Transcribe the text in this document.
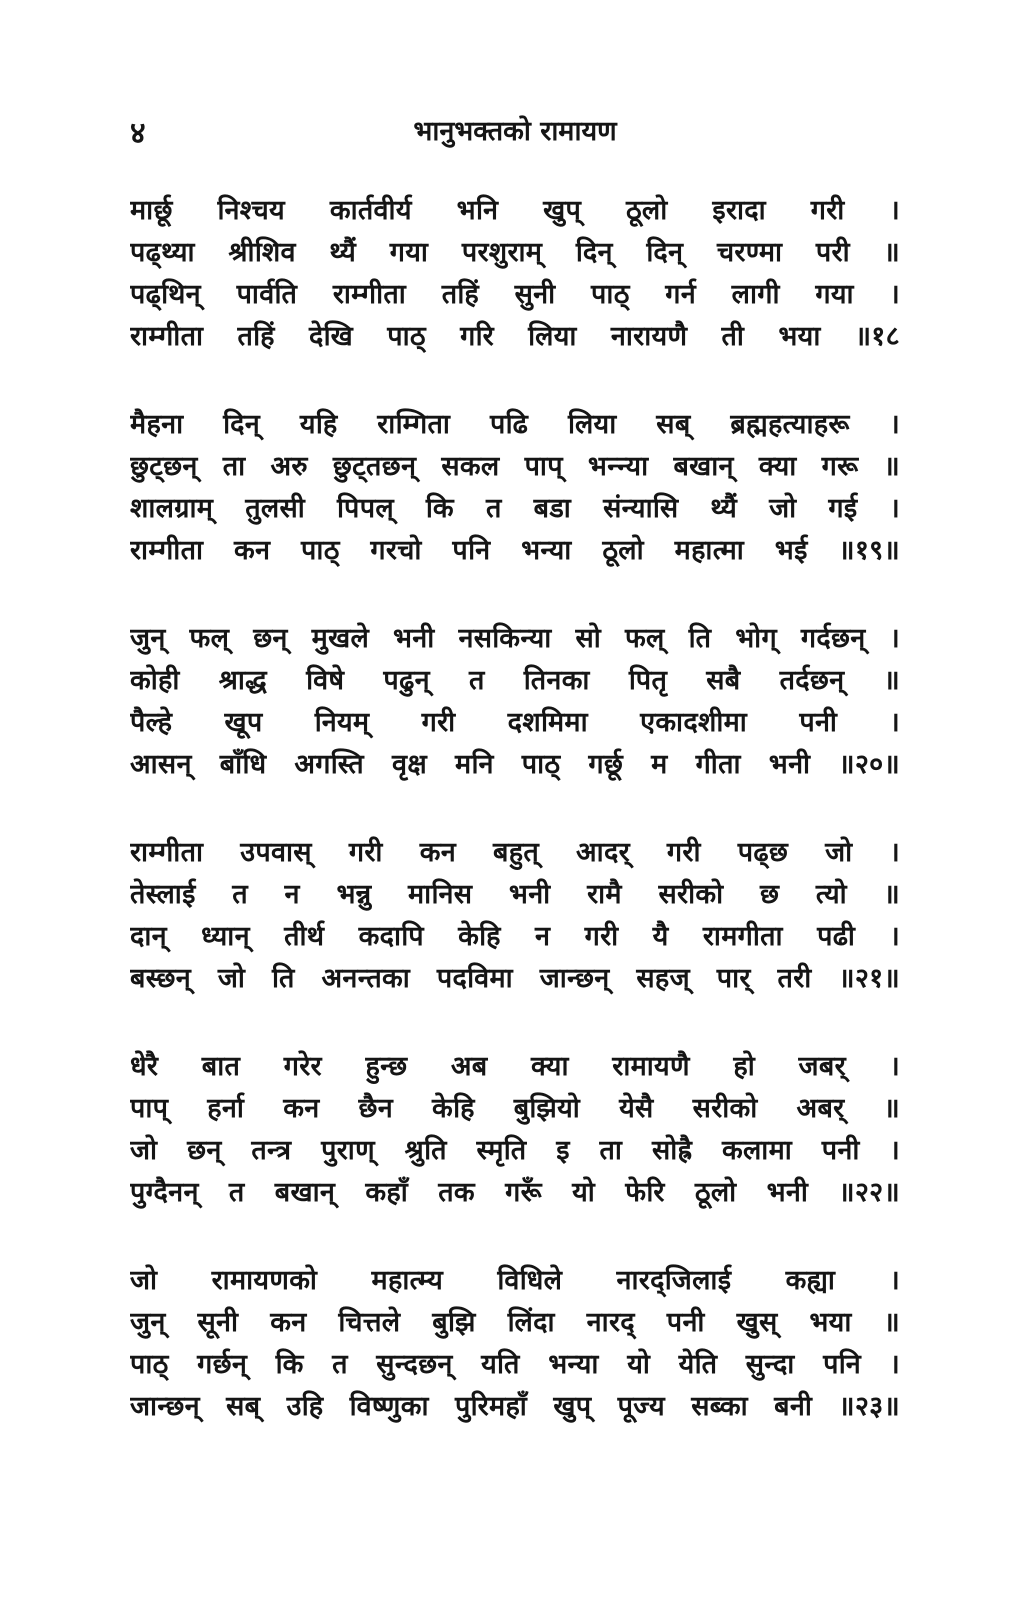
४	भानुभक्तको रामायण
मार्छू निश्चय कार्तवीर्य भनि खुप् ठूलो इरादा गरी ।
पढ्थ्या श्रीशिव थ्यैं गया परशुराम् दिन् दिन् चरण्मा परी ॥
पढ्थिन् पार्वति राम्गीता तहिं सुनी पाठ् गर्न लागी गया ।
राम्गीता तहिं देखि पाठ् गरि लिया नारायणै ती भया ॥१८
मैहना दिन् यहि राम्गिता पढि लिया सब् ब्रह्महत्याहरू ।
छुट्छन् ता अरु छुट्तछन् सकल पाप् भन्न्या बखान् क्या गरू ॥
शालग्राम् तुलसी पिपल् कि त बडा संन्यासि थ्यैं जो गई ।
राम्गीता कन पाठ् गरचो पनि भन्या ठूलो महात्मा भई ॥१९॥
जुन् फल् छन् मुखले भनी नसकिन्या सो फल् ति भोग् गर्दछन् ।
कोही श्राद्ध विषे पढुन् त तिनका पितृ सबै तर्दछन् ॥
पैल्हे खूप नियम् गरी दशमिमा एकादशीमा पनी ।
आसन् बाँधि अगस्ति वृक्ष मनि पाठ् गर्छू म गीता भनी ॥२०॥
राम्गीता उपवास् गरी कन बहुत् आदर् गरी पढ्छ जो ।
तेस्लाई त न भन्नु मानिस भनी रामै सरीको छ त्यो ॥
दान् ध्यान् तीर्थ कदापि केहि न गरी यै रामगीता पढी ।
बस्छन् जो ति अनन्तका पदविमा जान्छन् सहज् पार् तरी ॥२१॥
धेरै बात गरेर हुन्छ अब क्या रामायणै हो जबर् ।
पाप् हर्ना कन छैन केहि बुझियो येसै सरीको अबर् ॥
जो छन् तन्त्र पुराण् श्रुति स्मृति इ ता सोह्रै कलामा पनी ।
पुग्दैनन् त बखान् कहाँ तक गरूँ यो फेरि ठूलो भनी ॥२२॥
जो रामायणको महात्म्य विधिले नारद्जिलाई कह्या ।
जुन् सूनी कन चित्तले बुझि लिंदा नारद् पनी खुस् भया ॥
पाठ् गर्छन् कि त सुन्दछन् यति भन्या यो येति सुन्दा पनि ।
जान्छन् सब् उहि विष्णुका पुरिमहाँ खुप् पूज्य सब्का बनी ॥२३॥
